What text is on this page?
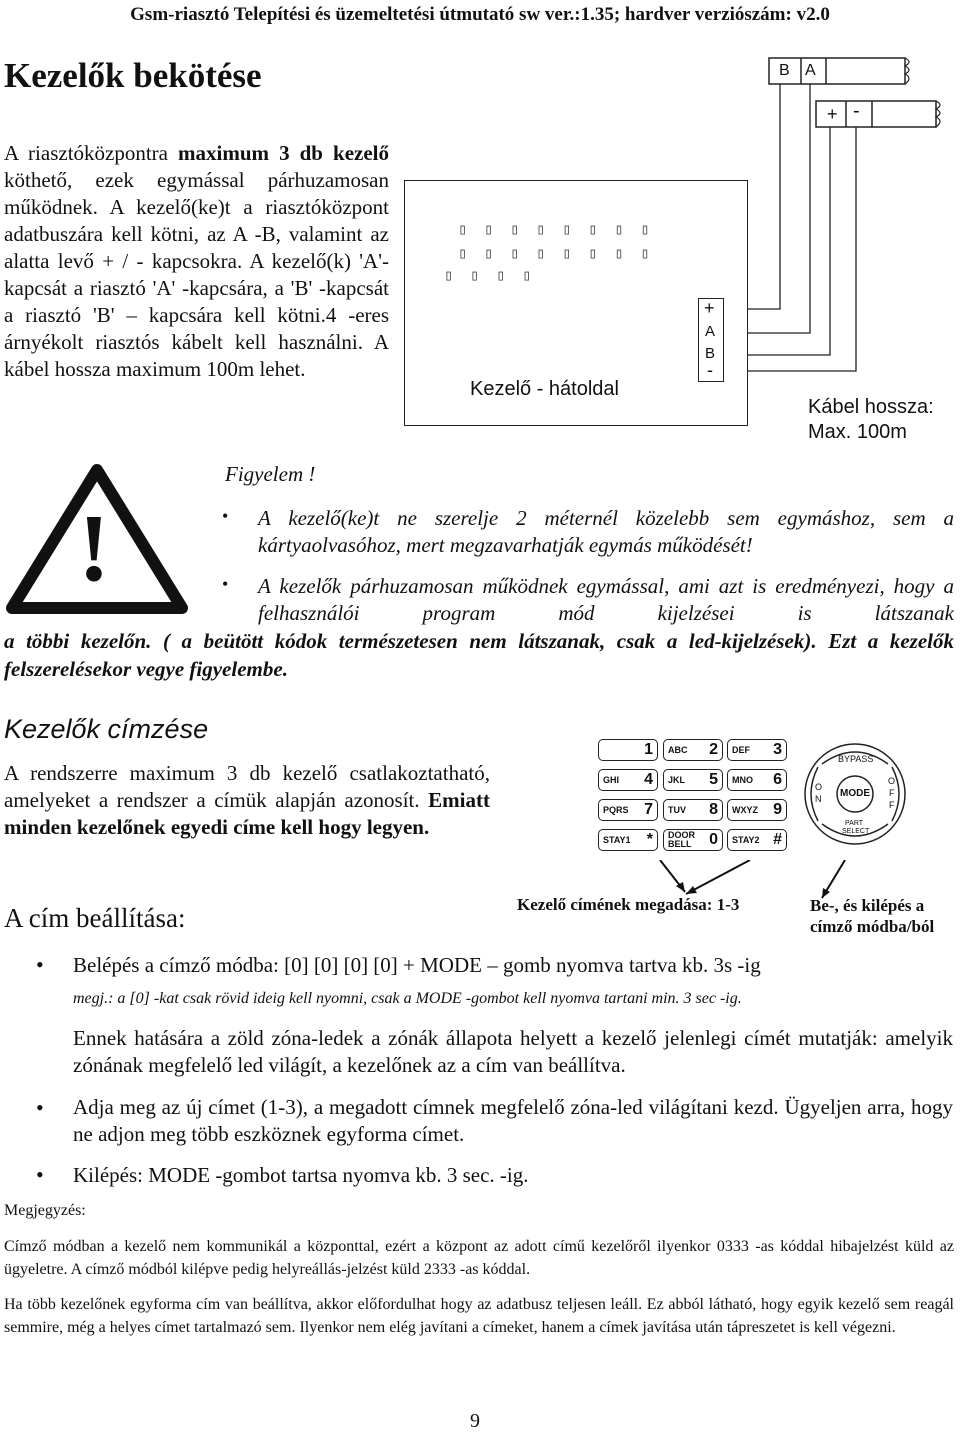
Gsm-riasztó Telepítési és üzemeltetési útmutató sw ver.:1.35; hardver verziószám: v2.0
Kezelők bekötése

A riasztóközpontra maximum 3 db kezelő köthető, ezek egymással párhuzamosan működnek. A kezelő(ke)t a riasztóközpont adatbuszára kell kötni, az A -B, valamint az alatta levő + / - kapcsokra. A kezelő(k) 'A'- kapcsát a riasztó 'A' -kapcsára, a 'B' -kapcsát a riasztó 'B' – kapcsára kell kötni.4 -eres árnyékolt riasztós kábelt kell használni. A kábel hossza maximum 100m lehet.

B A
+ -
▯ ▯ ▯ ▯ ▯ ▯ ▯ ▯
▯ ▯ ▯ ▯ ▯ ▯ ▯ ▯
▯ ▯ ▯ ▯
+
A
B
-
Kezelő - hátoldal
Kábel hossza:
Max. 100m
!
Figyelem !
• A kezelő(ke)t ne szerelje 2 méternél közelebb sem egymáshoz, sem a kártyaolvasóhoz, mert megzavarhatják egymás működését!
• A kezelők párhuzamosan működnek egymással, ami azt is eredményezi, hogy a felhasználói program mód kijelzései is látszanak
a többi kezelőn. ( a beütött kódok természetesen nem látszanak, csak a led-kijelzések). Ezt a kezelők felszerelésekor vegye figyelembe.
Kezelők címzése
A rendszerre maximum 3 db kezelő csatlakoztatható, amelyeket a rendszer a címük alapján azonosít. Emiatt minden kezelőnek egyedi címe kell hogy legyen.
1 ABC 2 DEF 3
GHI 4 JKL 5 MNO 6
PQRS 7 TUV 8 WXYZ 9
STAY1 * DOOR BELL	0 STAY2 #
BYPASS
MODE
O
N
O
F
F
PART
SELECT
Kezelő címének megadása: 1-3	Be-, és kilépés a
címző módba/ból
A cím beállítása:
• Belépés a címző módba: [0] [0] [0] [0] + MODE – gomb nyomva tartva kb. 3s -ig
megj.: a [0] -kat csak rövid ideig kell nyomni, csak a MODE -gombot kell nyomva tartani min. 3 sec -ig.
Ennek hatására a zöld zóna-ledek a zónák állapota helyett a kezelő jelenlegi címét mutatják: amelyik zónának megfelelő led világít, a kezelőnek az a cím van beállítva.
• Adja meg az új címet (1-3), a megadott címnek megfelelő zóna-led világítani kezd. Ügyeljen arra, hogy ne adjon meg több eszköznek egyforma címet.
• Kilépés: MODE -gombot tartsa nyomva kb. 3 sec. -ig.
Megjegyzés:
Címző módban a kezelő nem kommunikál a központtal, ezért a központ az adott című kezelőről ilyenkor 0333 -as kóddal hibajelzést küld az ügyeletre. A címző módból kilépve pedig helyreállás-jelzést küld 2333 -as kóddal.
Ha több kezelőnek egyforma cím van beállítva, akkor előfordulhat hogy az adatbusz teljesen leáll. Ez abból látható, hogy egyik kezelő sem reagál semmire, még a helyes címet tartalmazó sem. Ilyenkor nem elég javítani a címeket, hanem a címek javítása után tápreszetet is kell végezni.
9
